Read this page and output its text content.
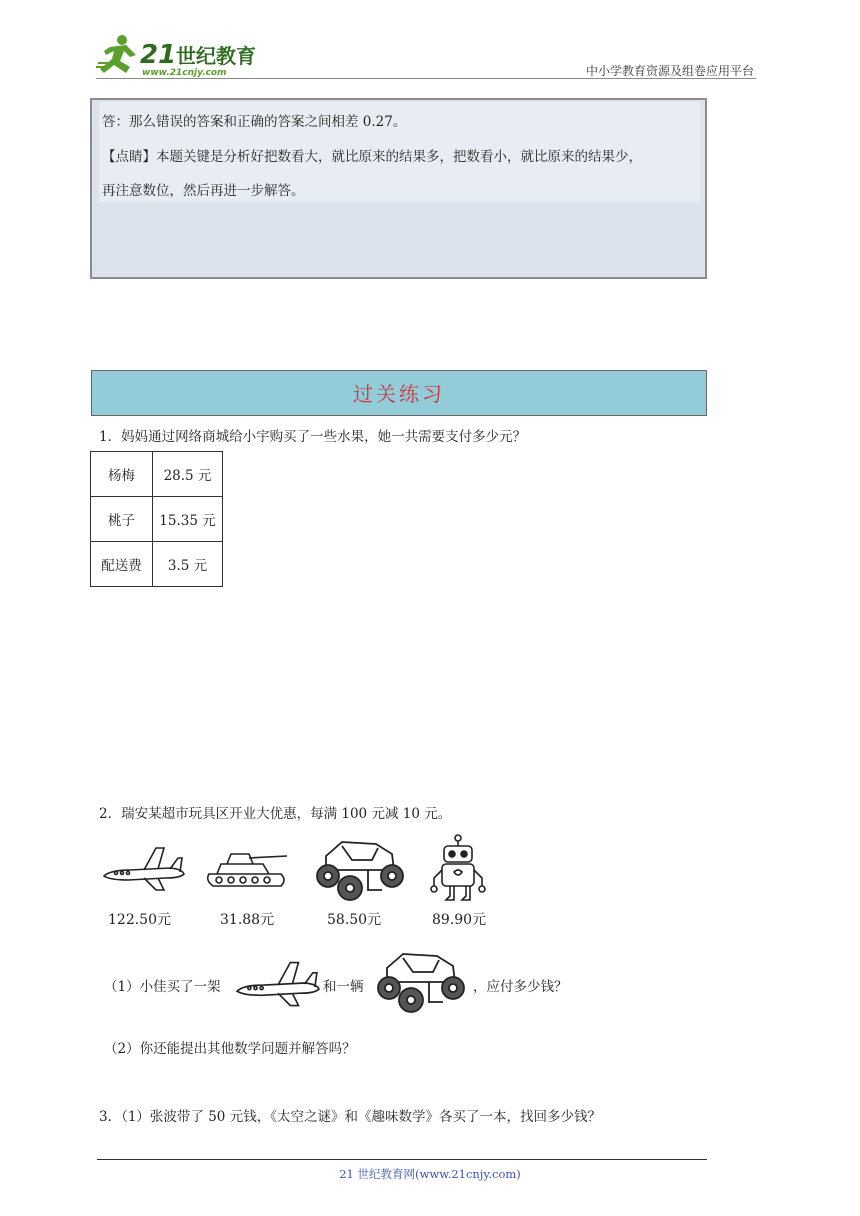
21 世纪教育
www.21cnjy.com	中小学教育资源及组卷应用平台
答：那么错误的答案和正确的答案之间相差 0.27。
【点睛】本题关键是分析好把数看大，就比原来的结果多，把数看小，就比原来的结果少，
再注意数位，然后再进一步解答。
过关练习
1．妈妈通过网络商城给小宇购买了一些水果，她一共需要支付多少元？
杨梅	28.5 元
桃子	15.35 元
配送费	3.5 元
2．瑞安某超市玩具区开业大优惠，每满 100 元减 10 元。
122.50元	31.88元	58.50元	89.90元
（1）小佳买了一架	和一辆	，应付多少钱？
（2）你还能提出其他数学问题并解答吗？
3．（1）张波带了 50 元钱，《太空之谜》和《趣味数学》各买了一本，找回多少钱？
21 世纪教育网(www.21cnjy.com)
